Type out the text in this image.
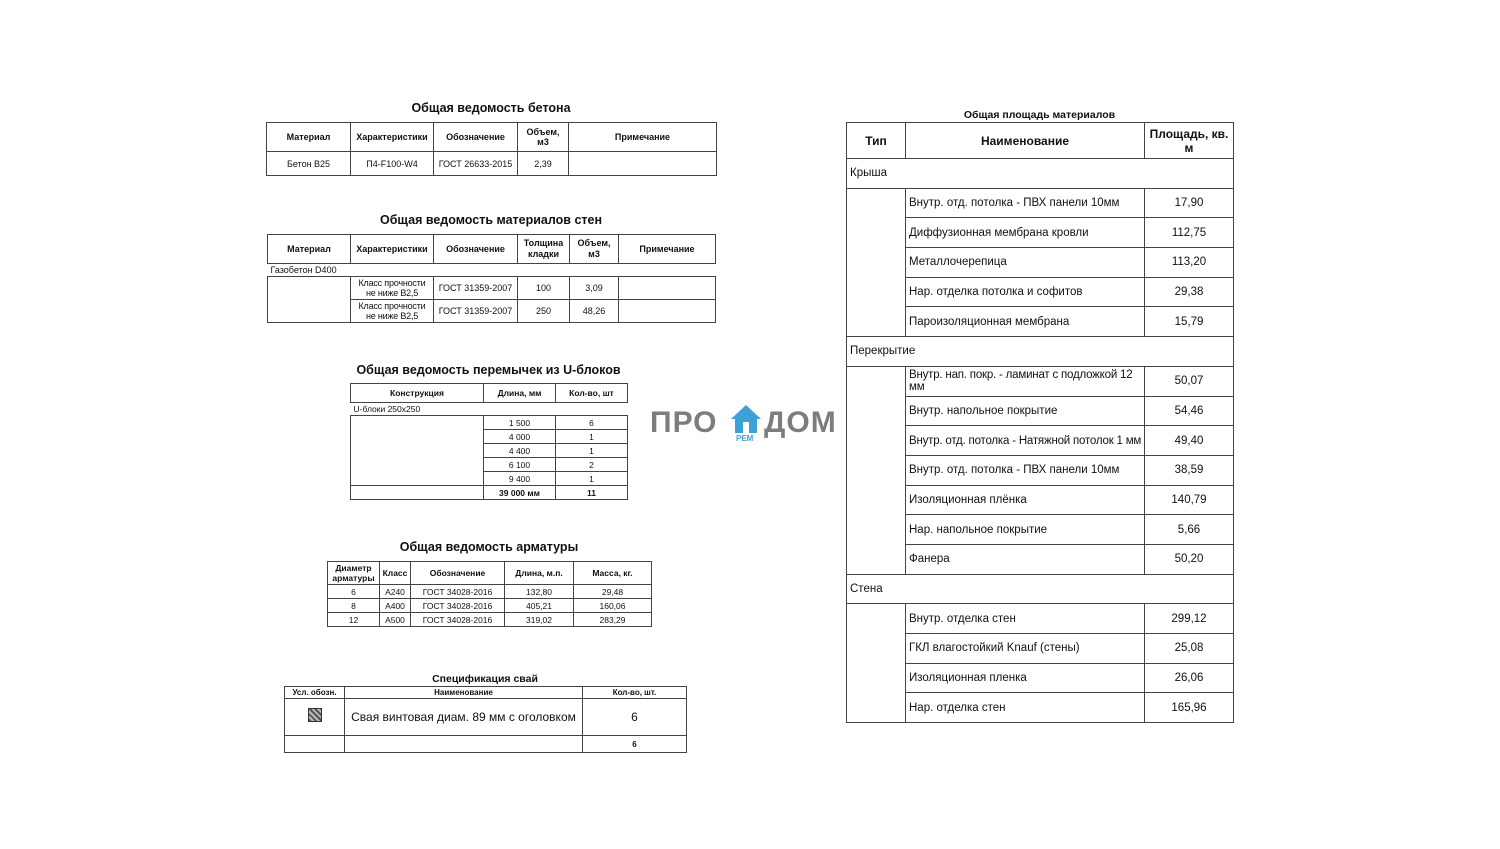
Общая ведомость бетона
Материал	Характеристики	Обозначение	Объем, м3	Примечание
Бетон В25	П4-F100-W4	ГОСТ 26633-2015	2,39	
Общая ведомость материалов стен
Материал	Характеристики	Обозначение	Толщина кладки	Объем, м3	Примечание
Газобетон D400					
	Класс прочности не ниже В2,5	ГОСТ 31359-2007	100	3,09	
	Класс прочности не ниже В2,5	ГОСТ 31359-2007	250	48,26	
Общая ведомость перемычек из U-блоков
Конструкция	Длина, мм	Кол-во, шт
U-блоки 250х250		
	1 500	6
	4 000	1
	4 400	1
	6 100	2
	9 400	1
	39 000 мм	11
Общая ведомость арматуры
Диаметр арматуры	Класс	Обозначение	Длина, м.п.	Масса, кг.
6	A240	ГОСТ 34028-2016	132,80	29,48
8	A400	ГОСТ 34028-2016	405,21	160,06
12	A500	ГОСТ 34028-2016	319,02	283,29
Спецификация свай
Усл. обозн.	Наименование	Кол-во, шт.
	Свая винтовая диам. 89 мм с оголовком	6
		6
ПРО РЕМ ДОМ
Общая площадь материалов
Тип	Наименование	Площадь, кв. м
Крыша		
	Внутр. отд. потолка - ПВХ панели 10мм	17,90
	Диффузионная мембрана кровли	112,75
	Металлочерепица	113,20
	Нар. отделка потолка и софитов	29,38
	Пароизоляционная мембрана	15,79
Перекрытие		
	Внутр. нап. покр. - ламинат с подложкой 12 мм	50,07
	Внутр. напольное покрытие	54,46
	Внутр. отд. потолка - Натяжной потолок 1 мм	49,40
	Внутр. отд. потолка - ПВХ панели 10мм	38,59
	Изоляционная плёнка	140,79
	Нар. напольное покрытие	5,66
	Фанера	50,20
Стена		
	Внутр. отделка стен	299,12
	ГКЛ влагостойкий Knauf (стены)	25,08
	Изоляционная пленка	26,06
	Нар. отделка стен	165,96
